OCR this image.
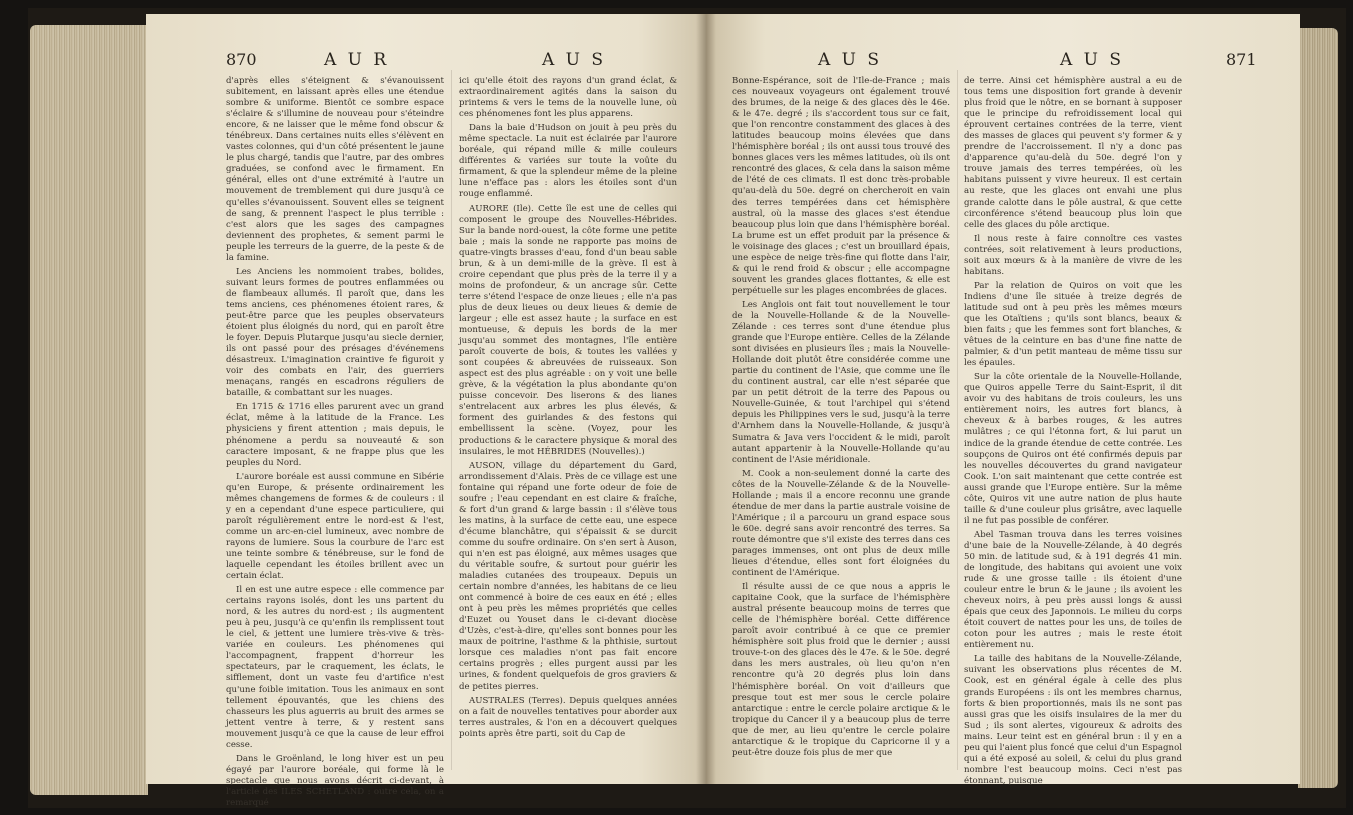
870	A U R	A U S

d'après elles s'éteignent & s'évanouissent subitement, en laissant après elles une étendue sombre & uniforme. Bientôt ce sombre espace s'éclaire & s'illumine de nouveau pour s'éteindre encore, & ne laisser que le même fond obscur & ténébreux. Dans certaines nuits elles s'élèvent en vastes colonnes, qui d'un côté présentent le jaune le plus chargé, tandis que l'autre, par des ombres graduées, se confond avec le firmament. En général, elles ont d'une extrémité à l'autre un mouvement de tremblement qui dure jusqu'à ce qu'elles s'évanouissent. Souvent elles se teignent de sang, & prennent l'aspect le plus terrible : c'est alors que les sages des campagnes deviennent des prophetes, & sement parmi le peuple les terreurs de la guerre, de la peste & de la famine.

Les Anciens les nommoient trabes, bolides, suivant leurs formes de poutres enflammées ou de flambeaux allumés. Il paroît que, dans les tems anciens, ces phénomenes étoient rares, & peut-être parce que les peuples observateurs étoient plus éloignés du nord, qui en paroît être le foyer. Depuis Plutarque jusqu'au siecle dernier, ils ont passé pour des présages d'événemens désastreux. L'imagination craintive fe figuroit y voir des combats en l'air, des guerriers menaçans, rangés en escadrons réguliers de bataille, & combattant sur les nuages.

En 1715 & 1716 elles parurent avec un grand éclat, même à la latitude de la France. Les physiciens y firent attention ; mais depuis, le phénomene a perdu sa nouveauté & son caractere imposant, & ne frappe plus que les peuples du Nord.

L'aurore boréale est aussi commune en Sibérie qu'en Europe, & présente ordinairement les mêmes changemens de formes & de couleurs : il y en a cependant d'une espece particuliere, qui paroît régulièrement entre le nord-est & l'est, comme un arc-en-ciel lumineux, avec nombre de rayons de lumiere. Sous la courbure de l'arc est une teinte sombre & ténébreuse, sur le fond de laquelle cependant les étoiles brillent avec un certain éclat.

Il en est une autre espece : elle commence par certains rayons isolés, dont les uns partent du nord, & les autres du nord-est ; ils augmentent peu à peu, jusqu'à ce qu'enfin ils remplissent tout le ciel, & jettent une lumiere très-vive & très-variée en couleurs. Les phénomenes qui l'accompagnent, frappent d'horreur les spectateurs, par le craquement, les éclats, le sifflement, dont un vaste feu d'artifice n'est qu'une foible imitation. Tous les animaux en sont tellement épouvantés, que les chiens des chasseurs les plus aguerris au bruit des armes se jettent ventre à terre, & y restent sans mouvement jusqu'à ce que la cause de leur effroi cesse.

Dans le Groënland, le long hiver est un peu égayé par l'aurore boréale, qui forme là le spectacle que nous avons décrit ci-devant, à l'article des ILES SCHETLAND : outre cela, on a remarqué

ici qu'elle étoit des rayons d'un grand éclat, & extraordinairement agités dans la saison du printems & vers le tems de la nouvelle lune, où ces phénomenes font les plus apparens.

Dans la baie d'Hudson on jouit à peu près du même spectacle. La nuit est éclairée par l'aurore boréale, qui répand mille & mille couleurs différentes & variées sur toute la voûte du firmament, & que la splendeur même de la pleine lune n'efface pas : alors les étoiles sont d'un rouge enflammé.

AURORE (Ile). Cette île est une de celles qui composent le groupe des Nouvelles-Hébrides. Sur la bande nord-ouest, la côte forme une petite baie ; mais la sonde ne rapporte pas moins de quatre-vingts brasses d'eau, fond d'un beau sable brun, & à un demi-mille de la grève. Il est à croire cependant que plus près de la terre il y a moins de profondeur, & un ancrage sûr. Cette terre s'étend l'espace de onze lieues ; elle n'a pas plus de deux lieues ou deux lieues & demie de largeur ; elle est assez haute ; la surface en est montueuse, & depuis les bords de la mer jusqu'au sommet des montagnes, l'île entière paroît couverte de bois, & toutes les vallées y sont coupées & abreuvées de ruisseaux. Son aspect est des plus agréable : on y voit une belle grève, & la végétation la plus abondante qu'on puisse concevoir. Des liserons & des lianes s'entrelacent aux arbres les plus élevés, & forment des guirlandes & des festons qui embellissent la scène. (Voyez, pour les productions & le caractere physique & moral des insulaires, le mot HÉBRIDES (Nouvelles).)

AUSON, village du département du Gard, arrondissement d'Alais. Près de ce village est une fontaine qui répand une forte odeur de foie de soufre ; l'eau cependant en est claire & fraîche, & fort d'un grand & large bassin : il s'élève tous les matins, à la surface de cette eau, une espece d'écume blanchâtre, qui s'épaissit & se durcit comme du soufre ordinaire. On s'en sert à Auson, qui n'en est pas éloigné, aux mêmes usages que du véritable soufre, & surtout pour guérir les maladies cutanées des troupeaux. Depuis un certain nombre d'années, les habitans de ce lieu ont commencé à boire de ces eaux en été ; elles ont à peu près les mêmes propriétés que celles d'Euzet ou Youset dans le ci-devant diocèse d'Uzès, c'est-à-dire, qu'elles sont bonnes pour les maux de poitrine, l'asthme & la phthisie, surtout lorsque ces maladies n'ont pas fait encore certains progrès ; elles purgent aussi par les urines, & fondent quelquefois de gros graviers & de petites pierres.

AUSTRALES (Terres). Depuis quelques années on a fait de nouvelles tentatives pour aborder aux terres australes, & l'on en a découvert quelques points après être parti, soit du Cap de

A U S	A U S	871

Bonne-Espérance, soit de l'Ile-de-France ; mais ces nouveaux voyageurs ont également trouvé des brumes, de la neige & des glaces dès le 46e. & le 47e. degré ; ils s'accordent tous sur ce fait, que l'on rencontre constamment des glaces à des latitudes beaucoup moins élevées que dans l'hémisphère boréal ; ils ont aussi tous trouvé des bonnes glaces vers les mêmes latitudes, où ils ont rencontré des glaces, & cela dans la saison même de l'été de ces climats. Il est donc très-probable qu'au-delà du 50e. degré on chercheroit en vain des terres tempérées dans cet hémisphère austral, où la masse des glaces s'est étendue beaucoup plus loin que dans l'hémisphère boréal. La brume est un effet produit par la présence & le voisinage des glaces ; c'est un brouillard épais, une espèce de neige très-fine qui flotte dans l'air, & qui le rend froid & obscur ; elle accompagne souvent les grandes glaces flottantes, & elle est perpétuelle sur les plages encombrées de glaces.

Les Anglois ont fait tout nouvellement le tour de la Nouvelle-Hollande & de la Nouvelle-Zélande : ces terres sont d'une étendue plus grande que l'Europe entière. Celles de la Zélande sont divisées en plusieurs îles ; mais la Nouvelle-Hollande doit plutôt être considérée comme une partie du continent de l'Asie, que comme une île du continent austral, car elle n'est séparée que par un petit détroit de la terre des Papous ou Nouvelle-Guinée, & tout l'archipel qui s'étend depuis les Philippines vers le sud, jusqu'à la terre d'Arnhem dans la Nouvelle-Hollande, & jusqu'à Sumatra & Java vers l'occident & le midi, paroît autant appartenir à la Nouvelle-Hollande qu'au continent de l'Asie méridionale.

M. Cook a non-seulement donné la carte des côtes de la Nouvelle-Zélande & de la Nouvelle-Hollande ; mais il a encore reconnu une grande étendue de mer dans la partie australe voisine de l'Amérique ; il a parcouru un grand espace sous le 60e. degré sans avoir rencontré des terres. Sa route démontre que s'il existe des terres dans ces parages immenses, ont ont plus de deux mille lieues d'étendue, elles sont fort éloignées du continent de l'Amérique.

Il résulte aussi de ce que nous a appris le capitaine Cook, que la surface de l'hémisphère austral présente beaucoup moins de terres que celle de l'hémisphère boréal. Cette différence paroît avoir contribué à ce que ce premier hémisphère soit plus froid que le dernier ; aussi trouve-t-on des glaces dès le 47e. & le 50e. degré dans les mers australes, où lieu qu'on n'en rencontre qu'à 20 degrés plus loin dans l'hémisphère boréal. On voit d'ailleurs que presque tout est mer sous le cercle polaire antarctique : entre le cercle polaire arctique & le tropique du Cancer il y a beaucoup plus de terre que de mer, au lieu qu'entre le cercle polaire antarctique & le tropique du Capricorne il y a peut-être douze fois plus de mer que

de terre. Ainsi cet hémisphère austral a eu de tous tems une disposition fort grande à devenir plus froid que le nôtre, en se bornant à supposer que le principe du refroidissement local qui éprouvent certaines contrées de la terre, vient des masses de glaces qui peuvent s'y former & y prendre de l'accroissement. Il n'y a donc pas d'apparence qu'au-delà du 50e. degré l'on y trouve jamais des terres tempérées, où les habitans puissent y vivre heureux. Il est certain au reste, que les glaces ont envahi une plus grande calotte dans le pôle austral, & que cette circonférence s'étend beaucoup plus loin que celle des glaces du pôle arctique.

Il nous reste à faire connoître ces vastes contrées, soit relativement à leurs productions, soit aux mœurs & à la manière de vivre de les habitans.

Par la relation de Quiros on voit que les Indiens d'une île située à treize degrés de latitude sud ont à peu près les mêmes mœurs que les Otaïtiens ; qu'ils sont blancs, beaux & bien faits ; que les femmes sont fort blanches, & vêtues de la ceinture en bas d'une fine natte de palmier, & d'un petit manteau de même tissu sur les épaules.

Sur la côte orientale de la Nouvelle-Hollande, que Quiros appelle Terre du Saint-Esprit, il dit avoir vu des habitans de trois couleurs, les uns entièrement noirs, les autres fort blancs, à cheveux & à barbes rouges, & les autres mulâtres ; ce qui l'étonna fort, & lui parut un indice de la grande étendue de cette contrée. Les soupçons de Quiros ont été confirmés depuis par les nouvelles découvertes du grand navigateur Cook. L'on sait maintenant que cette contrée est aussi grande que l'Europe entière. Sur la même côte, Quiros vit une autre nation de plus haute taille & d'une couleur plus grisâtre, avec laquelle il ne fut pas possible de conférer.

Abel Tasman trouva dans les terres voisines d'une baie de la Nouvelle-Zélande, à 40 degrés 50 min. de latitude sud, & à 191 degrés 41 min. de longitude, des habitans qui avoient une voix rude & une grosse taille : ils étoient d'une couleur entre le brun & le jaune ; ils avoient les cheveux noirs, à peu près aussi longs & aussi épais que ceux des Japonnois. Le milieu du corps étoit couvert de nattes pour les uns, de toiles de coton pour les autres ; mais le reste étoit entièrement nu.

La taille des habitans de la Nouvelle-Zélande, suivant les observations plus récentes de M. Cook, est en général égale à celle des plus grands Européens : ils ont les membres charnus, forts & bien proportionnés, mais ils ne sont pas aussi gras que les oisifs insulaires de la mer du Sud ; ils sont alertes, vigoureux & adroits des mains. Leur teint est en général brun : il y en a peu qui l'aient plus foncé que celui d'un Espagnol qui a été exposé au soleil, & celui du plus grand nombre l'est beaucoup moins. Ceci n'est pas étonnant, puisque
